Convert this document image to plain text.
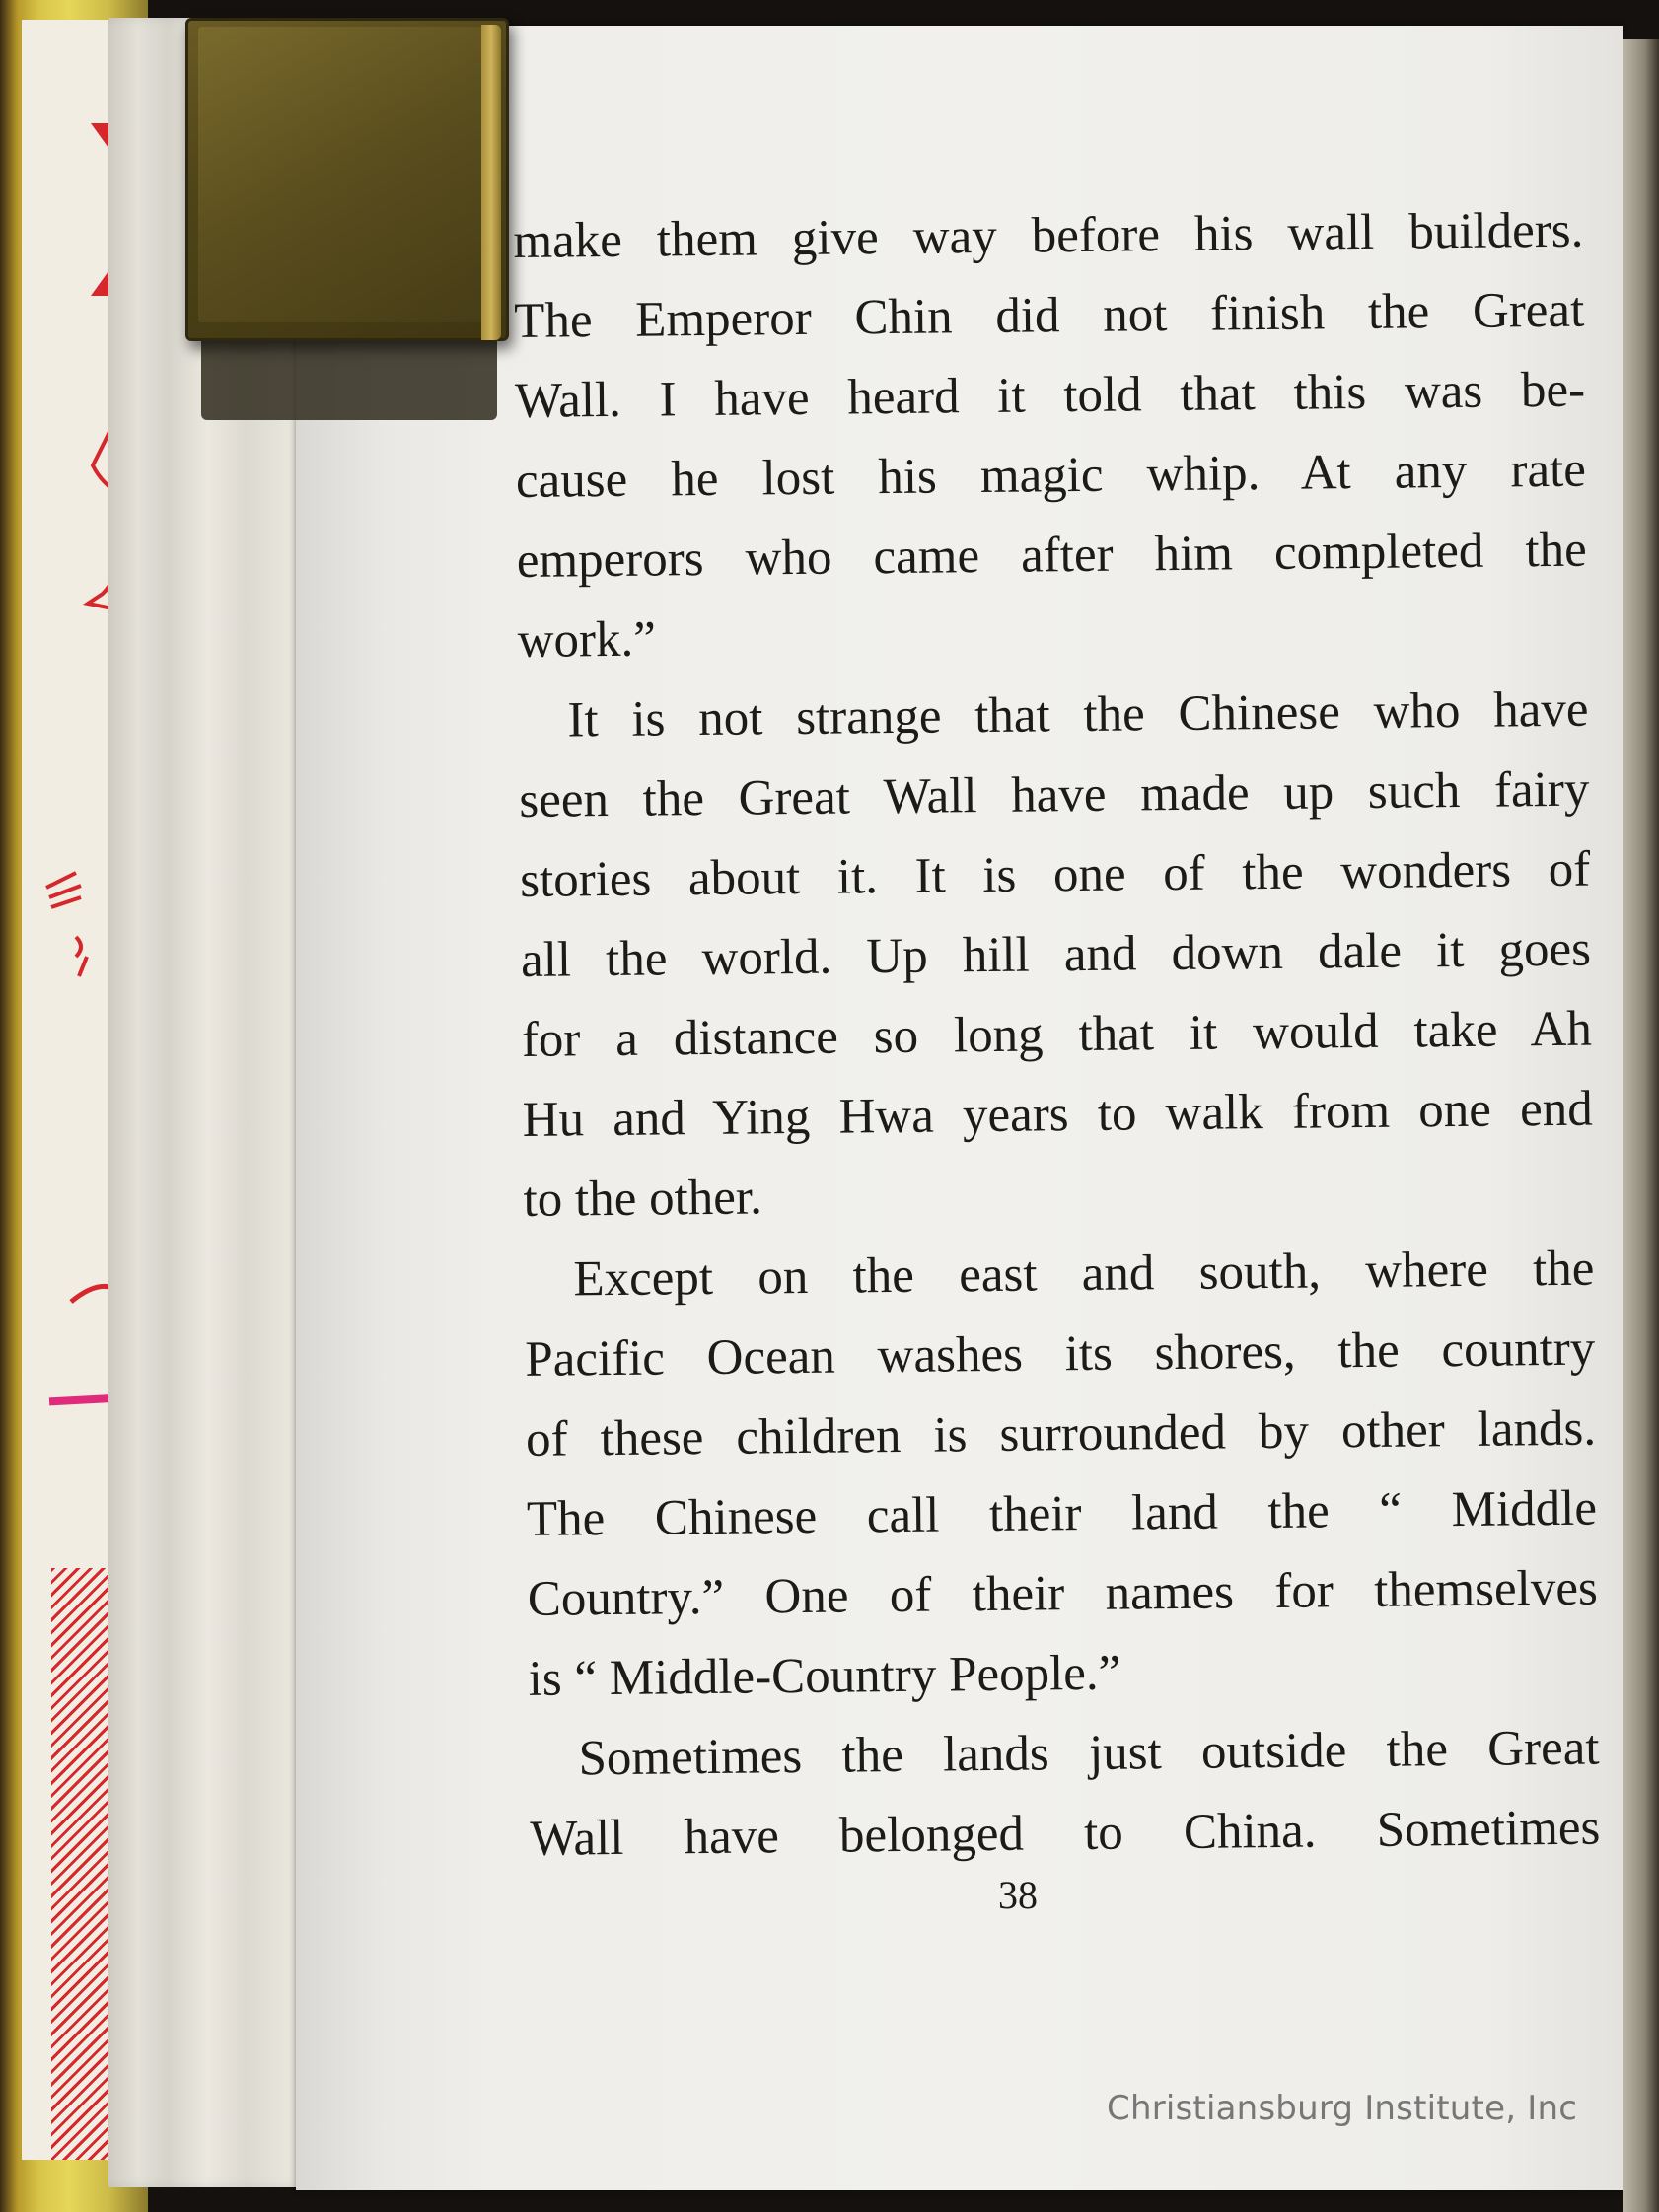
make them give way before his wall builders.
The Emperor Chin did not finish the Great
Wall. I have heard it told that this was be-
cause he lost his magic whip. At any rate
emperors who came after him completed the
work.”
It is not strange that the Chinese who have
seen the Great Wall have made up such fairy
stories about it. It is one of the wonders of
all the world. Up hill and down dale it goes
for a distance so long that it would take Ah
Hu and Ying Hwa years to walk from one end
to the other.
Except on the east and south, where the
Pacific Ocean washes its shores, the country
of these children is surrounded by other lands.
The Chinese call their land the “ Middle
Country.” One of their names for themselves
is “ Middle-Country People.”
Sometimes the lands just outside the Great
Wall have belonged to China. Sometimes
38
Christiansburg Institute, Inc
